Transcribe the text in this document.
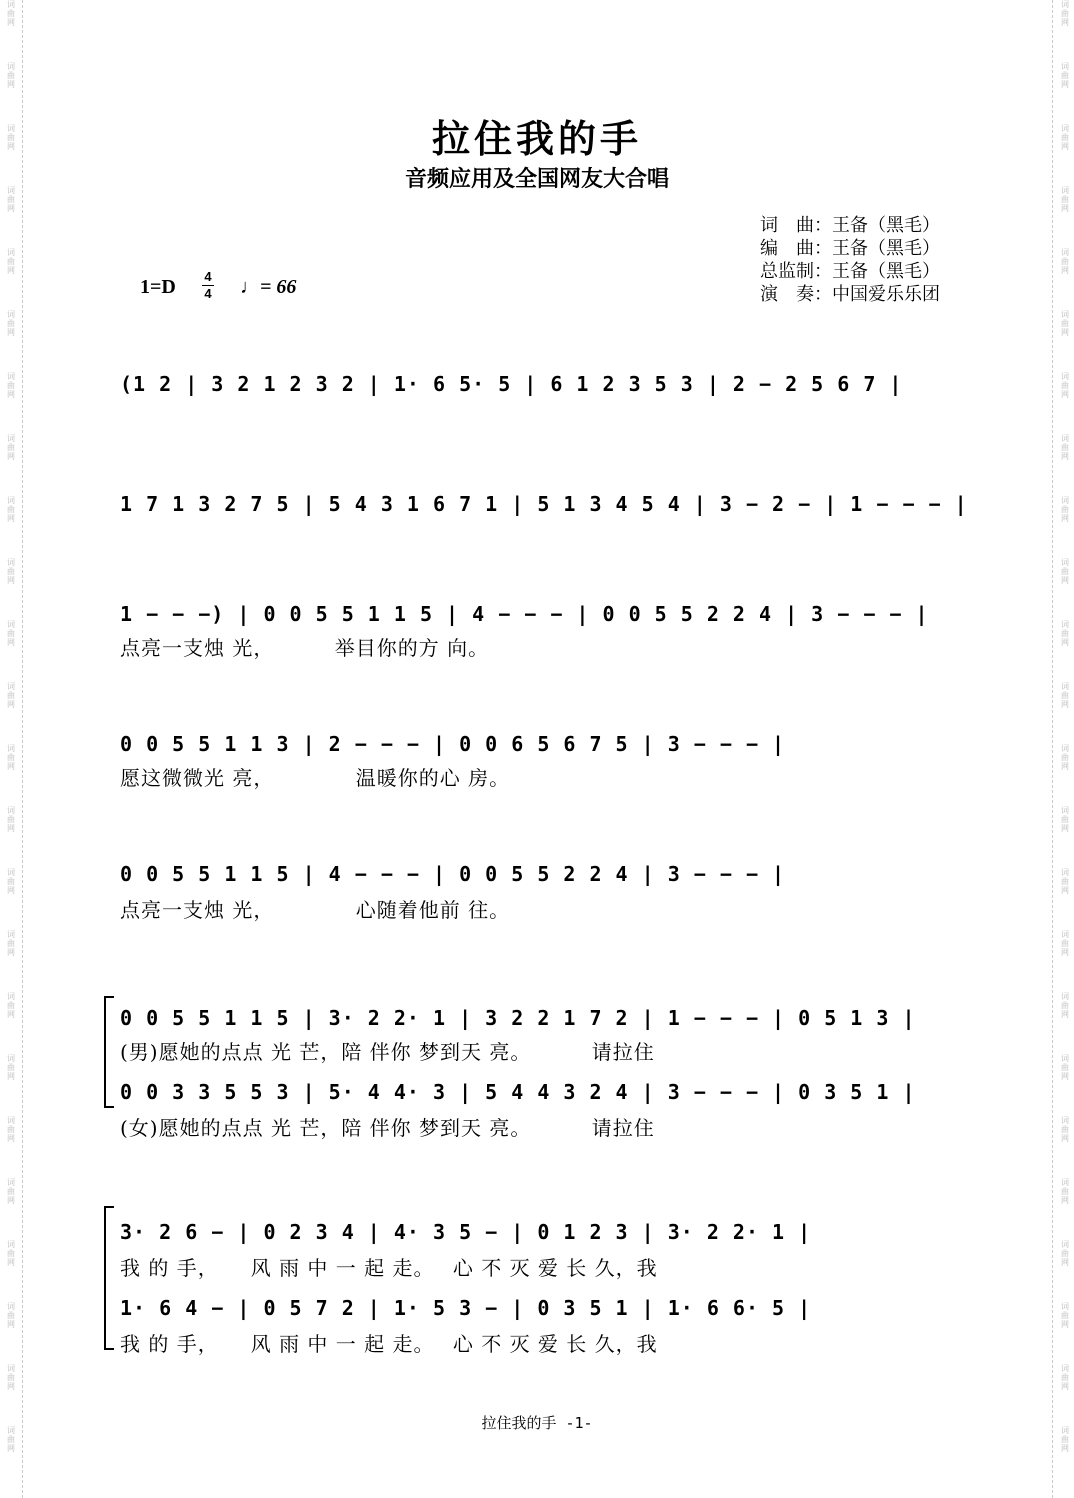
词
曲
网
词
曲
网
词
曲
网
词
曲
网
词
曲
网
词
曲
网
词
曲
网
词
曲
网
词
曲
网
词
曲
网
词
曲
网
词
曲
网
词
曲
网
词
曲
网
词
曲
网
词
曲
网
词
曲
网
词
曲
网
词
曲
网
词
曲
网
词
曲
网
词
曲
网
词
曲
网
词
曲
网
词
曲
网
词
曲
网
词
曲
网
词
曲
网
词
曲
网
词
曲
网
词
曲
网
词
曲
网
词
曲
网
词
曲
网
词
曲
网
词
曲
网
词
曲
网
词
曲
网
词
曲
网
词
曲
网
词
曲
网
词
曲
网
词
曲
网
词
曲
网
词
曲
网
词
曲
网
词
曲
网
词
曲
网
拉住我的手
音频应用及全国网友大合唱
词　曲：王备（黑毛）
编　曲：王备（黑毛）
总监制：王备（黑毛）
演　奏：中国爱乐乐团
1=D 4
4 ♩= 66
(1 2 | 3 2 1 2 3 2 | 1· 6 5· 5 | 6 1 2 3 5 3 | 2 − 2 5 6 7 |
1 7 1 3 2 7 5 | 5 4 3 1 6 7 1 | 5 1 3 4 5 4 | 3 − 2 − | 1 − − − |
1 − − −) | 0 0 5 5 1 1 5 | 4 − − − | 0 0 5 5 2 2 4 | 3 − − − |
点亮一支烛 光，　　　 举目你的方 向。
0 0 5 5 1 1 3 | 2 − − − | 0 0 6 5 6 7 5 | 3 − − − |
愿这微微光 亮，　　　　 温暖你的心 房。
0 0 5 5 1 1 5 | 4 − − − | 0 0 5 5 2 2 4 | 3 − − − |
点亮一支烛 光，　　　　 心随着他前 往。
0 0 5 5 1 1 5 | 3· 2 2· 1 | 3 2 2 1 7 2 | 1 − − − | 0 5 1 3 |
(男)愿她的点点 光 芒，陪 伴你 梦到天 亮。　　　 请拉住
0 0 3 3 5 5 3 | 5· 4 4· 3 | 5 4 4 3 2 4 | 3 − − − | 0 3 5 1 |
(女)愿她的点点 光 芒，陪 伴你 梦到天 亮。　　　 请拉住
3· 2 6 − | 0 2 3 4 | 4· 3 5 − | 0 1 2 3 | 3· 2 2· 1 |
我 的 手，　　风 雨 中 一 起 走。　 心 不 灭 爱 长 久，我
1· 6 4 − | 0 5 7 2 | 1· 5 3 − | 0 3 5 1 | 1· 6 6· 5 |
我 的 手，　　风 雨 中 一 起 走。　 心 不 灭 爱 长 久，我
拉住我的手 -1-
